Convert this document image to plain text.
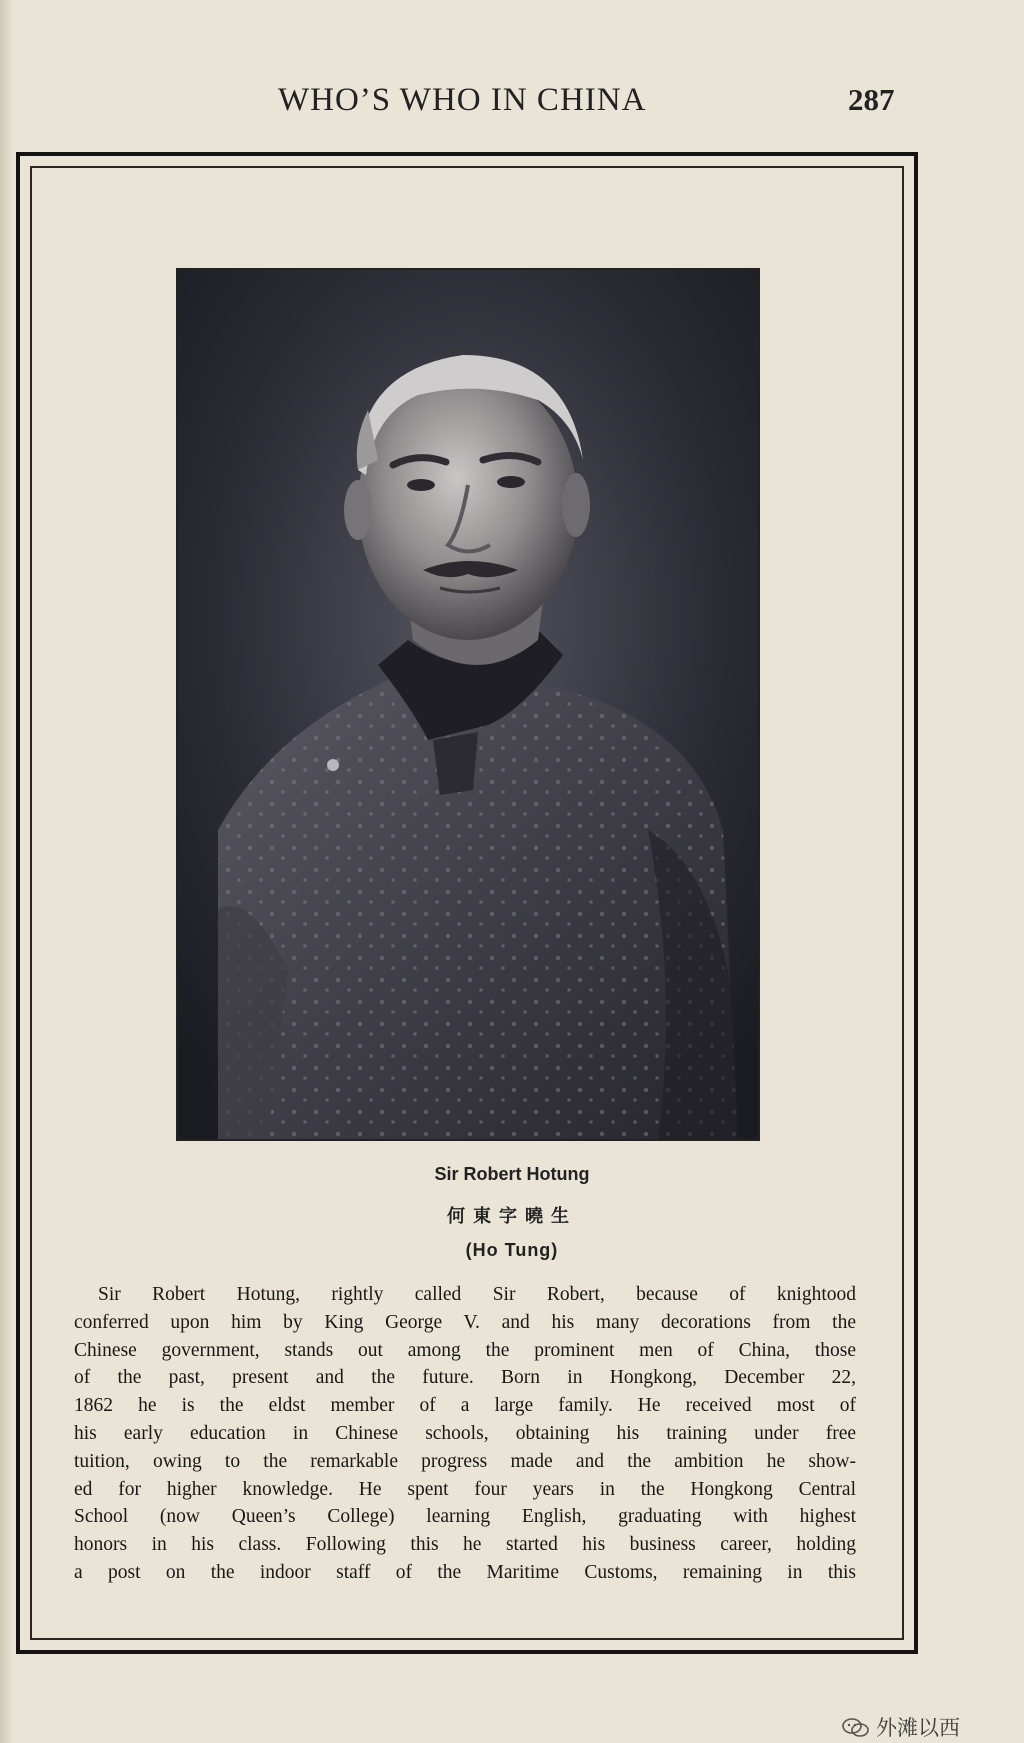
WHO’S WHO IN CHINA	287
Sir Robert Hotung
何東字曉生
(Ho Tung)
Sir Robert Hotung, rightly called Sir Robert, because of knightood
conferred upon him by King George V. and his many decorations from the
Chinese government, stands out among the prominent men of China, those
of the past, present and the future. Born in Hongkong, December 22,
1862 he is the eldst member of a large family. He received most of
his early education in Chinese schools, obtaining his training under free
tuition, owing to the remarkable progress made and the ambition he show-
ed for higher knowledge. He spent four years in the Hongkong Central
School (now Queen’s College) learning English, graduating with highest
honors in his class. Following this he started his business career, holding
a post on the indoor staff of the Maritime Customs, remaining in this
外滩以西
